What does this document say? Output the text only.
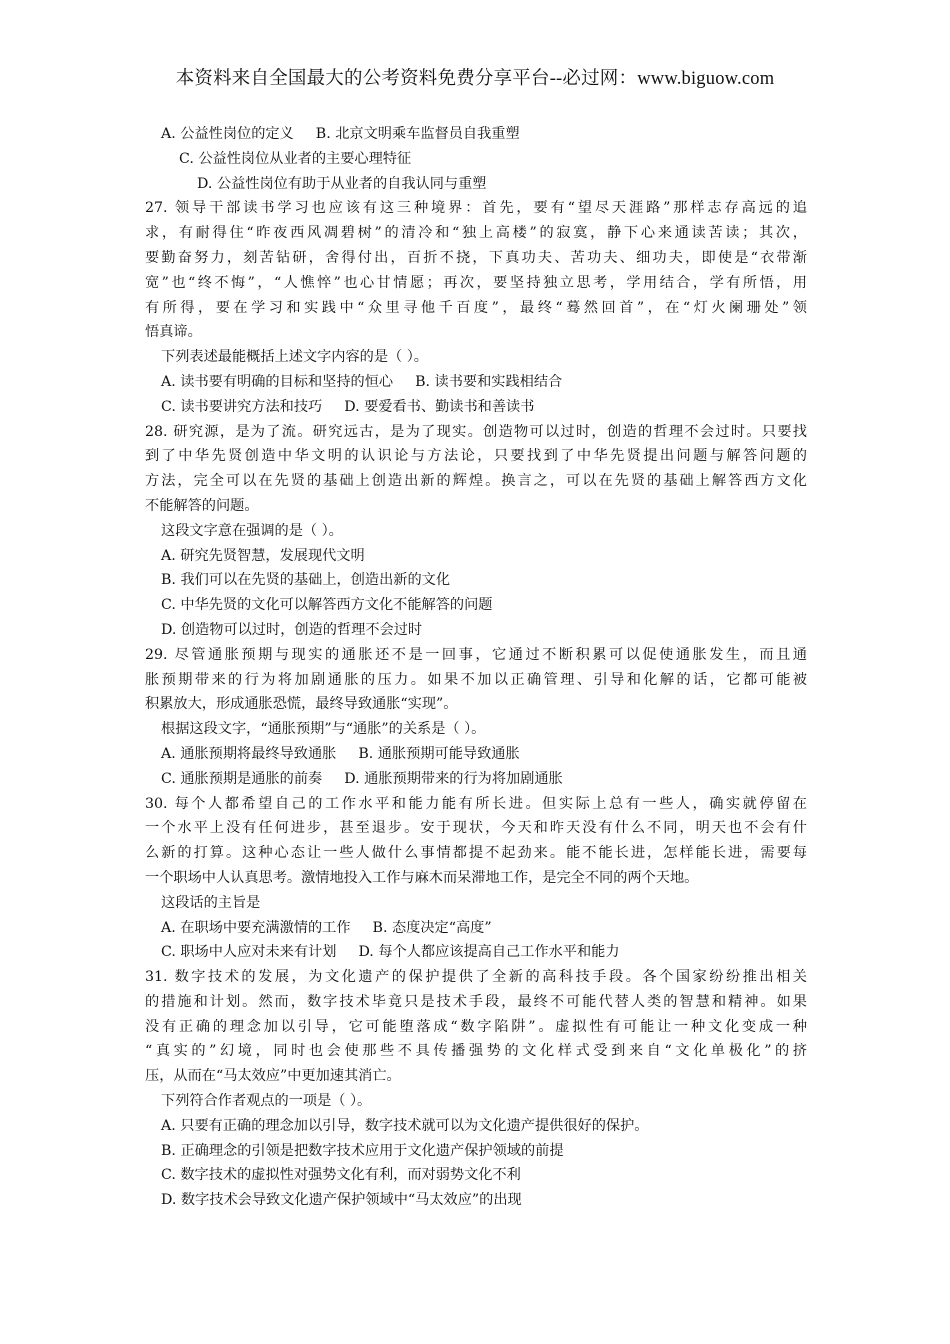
本资料来自全国最大的公考资料免费分享平台--必过网：www.biguow.com
A. 公益性岗位的定义 B. 北京文明乘车监督员自我重塑
C. 公益性岗位从业者的主要心理特征
D. 公益性岗位有助于从业者的自我认同与重塑
27. 领导干部读书学习也应该有这三种境界：首先，要有“望尽天涯路”那样志存高远的追
求，有耐得住“昨夜西风凋碧树”的清冷和“独上高楼”的寂寞，静下心来通读苦读；其次，
要勤奋努力，刻苦钻研，舍得付出，百折不挠，下真功夫、苦功夫、细功夫，即使是“衣带渐
宽”也“终不悔”，“人憔悴”也心甘情愿；再次，要坚持独立思考，学用结合，学有所悟，用
有所得，要在学习和实践中“众里寻他千百度”，最终“蓦然回首”，在“灯火阑珊处”领
悟真谛。
下列表述最能概括上述文字内容的是（ ）。
A. 读书要有明确的目标和坚持的恒心 B. 读书要和实践相结合
C. 读书要讲究方法和技巧 D. 要爱看书、勤读书和善读书
28. 研究源，是为了流。研究远古，是为了现实。创造物可以过时，创造的哲理不会过时。只要找
到了中华先贤创造中华文明的认识论与方法论，只要找到了中华先贤提出问题与解答问题的
方法，完全可以在先贤的基础上创造出新的辉煌。换言之，可以在先贤的基础上解答西方文化
不能解答的问题。
这段文字意在强调的是（ ）。
A. 研究先贤智慧，发展现代文明
B. 我们可以在先贤的基础上，创造出新的文化
C. 中华先贤的文化可以解答西方文化不能解答的问题
D. 创造物可以过时，创造的哲理不会过时
29. 尽管通胀预期与现实的通胀还不是一回事，它通过不断积累可以促使通胀发生，而且通
胀预期带来的行为将加剧通胀的压力。如果不加以正确管理、引导和化解的话，它都可能被
积累放大，形成通胀恐慌，最终导致通胀“实现”。
根据这段文字，“通胀预期”与“通胀”的关系是（ ）。
A. 通胀预期将最终导致通胀 B. 通胀预期可能导致通胀
C. 通胀预期是通胀的前奏 D. 通胀预期带来的行为将加剧通胀
30. 每个人都希望自己的工作水平和能力能有所长进。但实际上总有一些人，确实就停留在
一个水平上没有任何进步，甚至退步。安于现状，今天和昨天没有什么不同，明天也不会有什
么新的打算。这种心态让一些人做什么事情都提不起劲来。能不能长进，怎样能长进，需要每
一个职场中人认真思考。激情地投入工作与麻木而呆滞地工作，是完全不同的两个天地。
这段话的主旨是
A. 在职场中要充满激情的工作 B. 态度决定“高度”
C. 职场中人应对未来有计划 D. 每个人都应该提高自己工作水平和能力
31. 数字技术的发展，为文化遗产的保护提供了全新的高科技手段。各个国家纷纷推出相关
的措施和计划。然而，数字技术毕竟只是技术手段，最终不可能代替人类的智慧和精神。如果
没有正确的理念加以引导，它可能堕落成“数字陷阱”。虚拟性有可能让一种文化变成一种
“真实的”幻境，同时也会使那些不具传播强势的文化样式受到来自“文化单极化”的挤
压，从而在“马太效应”中更加速其消亡。
下列符合作者观点的一项是（ ）。
A. 只要有正确的理念加以引导，数字技术就可以为文化遗产提供很好的保护。
B. 正确理念的引领是把数字技术应用于文化遗产保护领域的前提
C. 数字技术的虚拟性对强势文化有利，而对弱势文化不利
D. 数字技术会导致文化遗产保护领域中“马太效应”的出现
